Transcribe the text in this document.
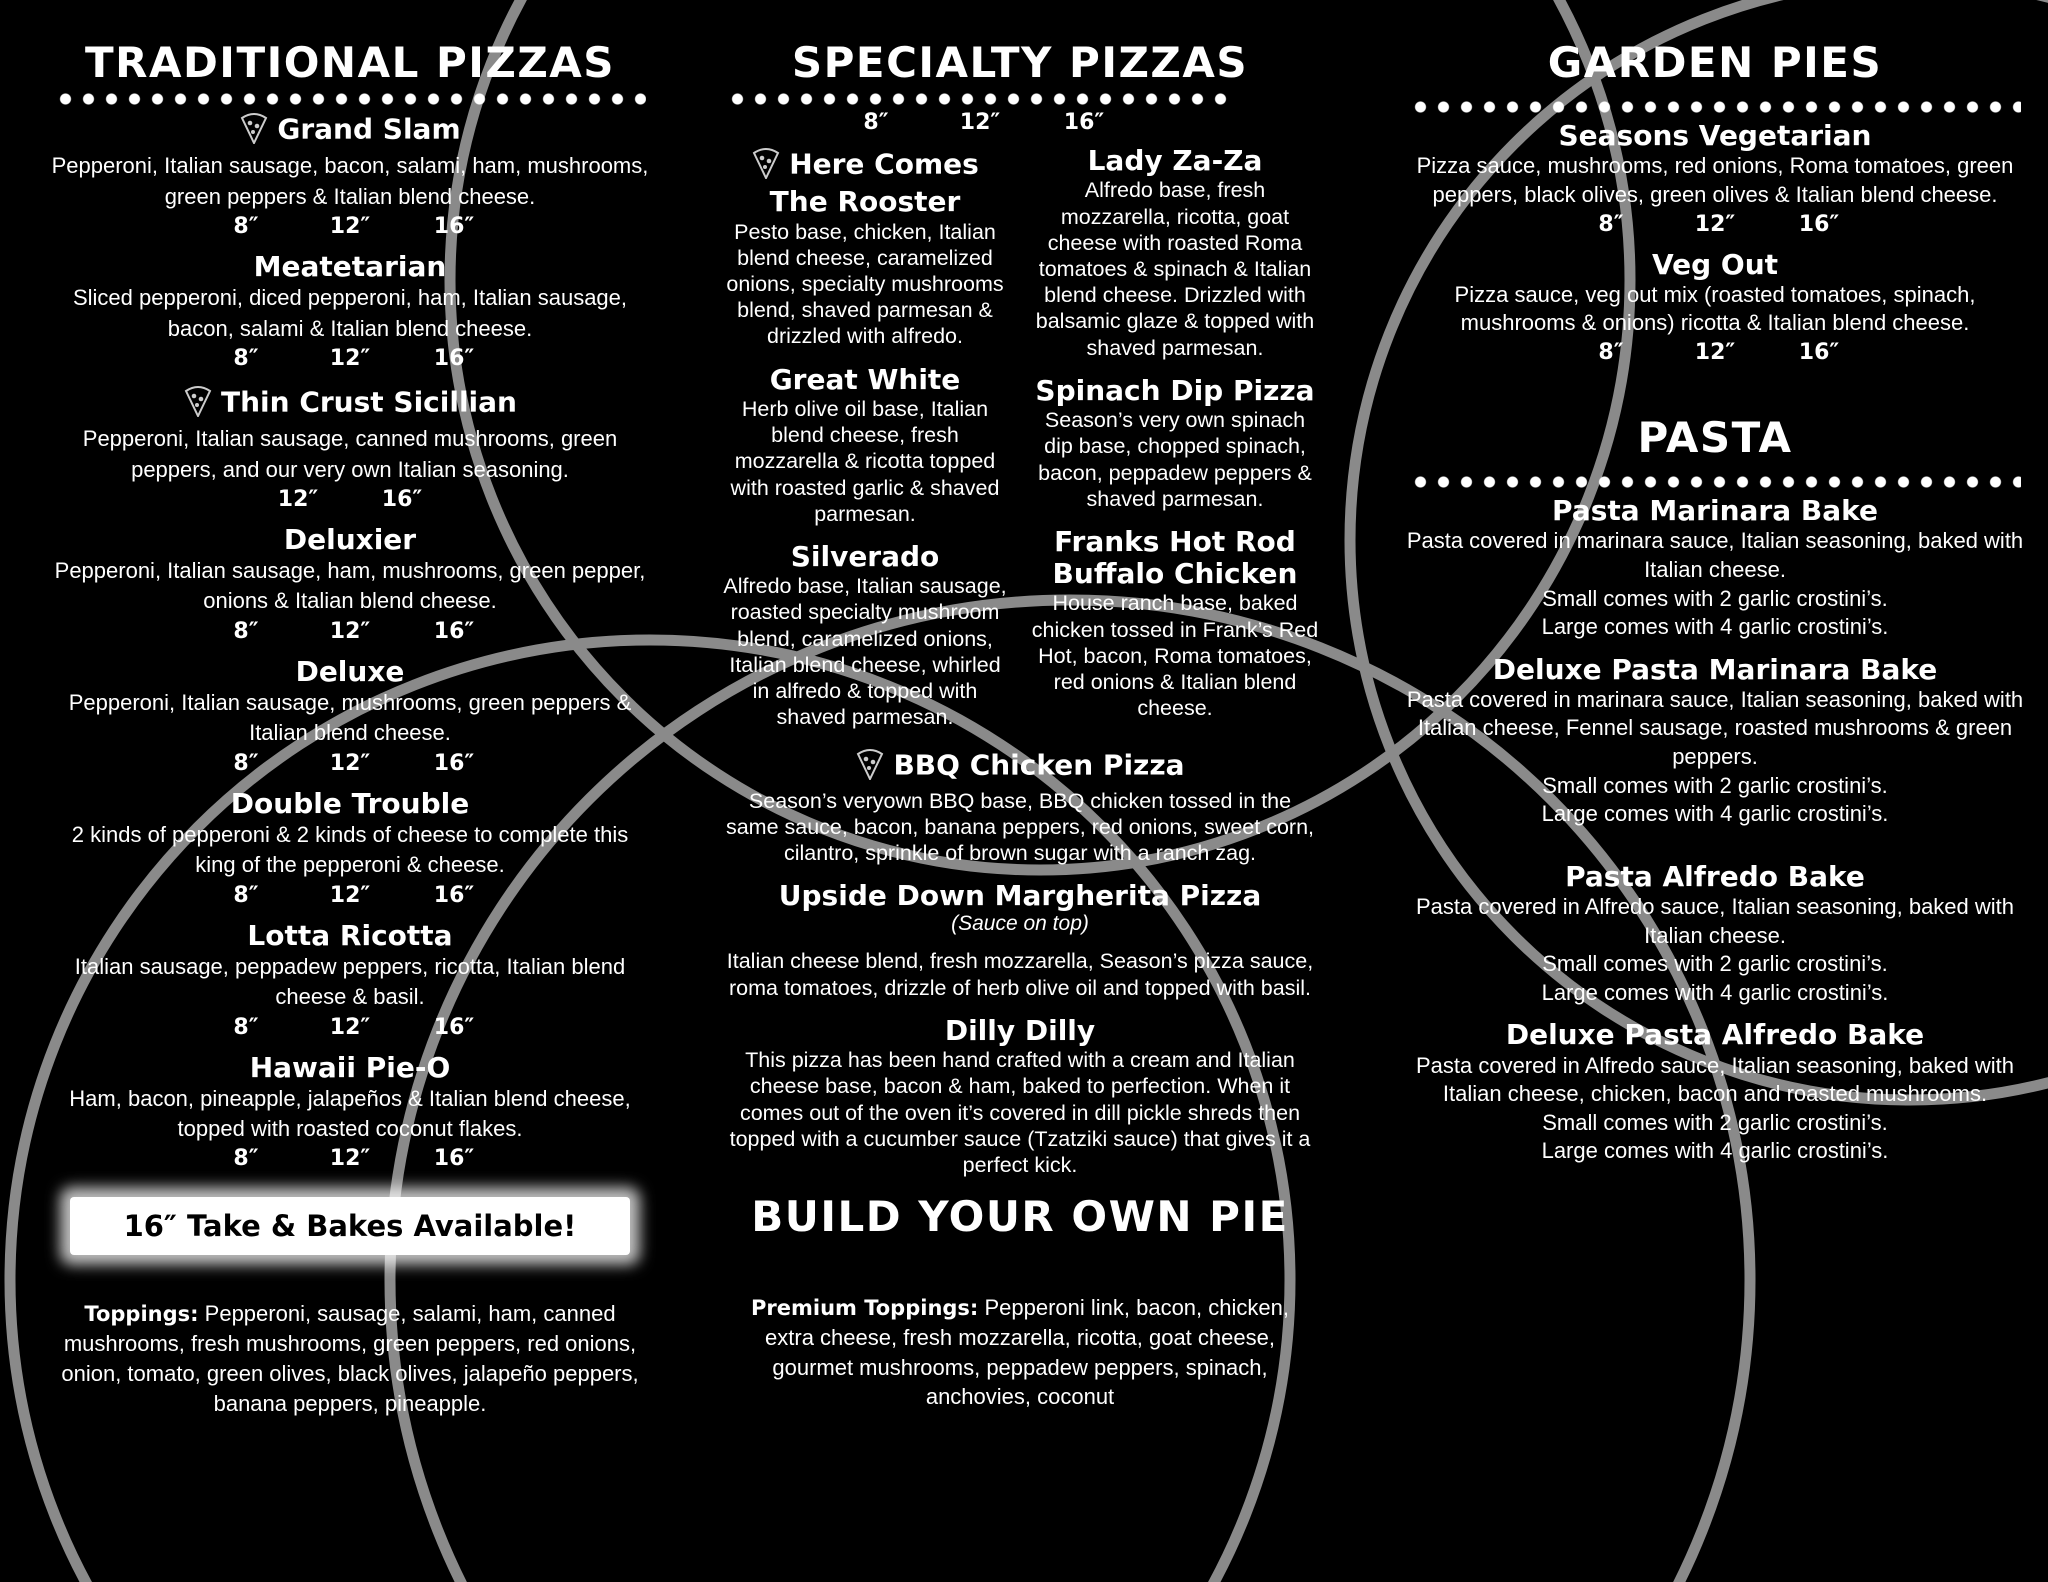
TRADITIONAL PIZZAS
Grand Slam
Pepperoni, Italian sausage, bacon, salami, ham, mushrooms, green peppers & Italian blend cheese.
8″	12″	16″
Meatetarian
Sliced pepperoni, diced pepperoni, ham, Italian sausage, bacon, salami & Italian blend cheese.
8″	12″	16″
Thin Crust Sicillian
Pepperoni, Italian sausage, canned mushrooms, green peppers, and our very own Italian seasoning.
12″	16″
Deluxier
Pepperoni, Italian sausage, ham, mushrooms, green pepper, onions & Italian blend cheese.
8″	12″	16″
Deluxe
Pepperoni, Italian sausage, mushrooms, green peppers & Italian blend cheese.
8″	12″	16″
Double Trouble
2 kinds of pepperoni & 2 kinds of cheese to complete this king of the pepperoni & cheese.
8″	12″	16″
Lotta Ricotta
Italian sausage, peppadew peppers, ricotta, Italian blend cheese & basil.
8″	12″	16″
Hawaii Pie-O
Ham, bacon, pineapple, jalapeños & Italian blend cheese, topped with roasted coconut flakes.
8″	12″	16″
16″ Take & Bakes Available!
Toppings: Pepperoni, sausage, salami, ham, canned mushrooms, fresh mushrooms, green peppers, red onions, onion, tomato, green olives, black olives, jalapeño peppers, banana peppers, pineapple.
SPECIALTY PIZZAS
8″	12″	16″
Here Comes The Rooster
Pesto base, chicken, Italian blend cheese, caramelized onions, specialty mushrooms blend, shaved parmesan & drizzled with alfredo.
Great White
Herb olive oil base, Italian blend cheese, fresh mozzarella & ricotta topped with roasted garlic & shaved parmesan.
Silverado
Alfredo base, Italian sausage, roasted specialty mushroom blend, caramelized onions, Italian blend cheese, whirled in alfredo & topped with shaved parmesan.
Lady Za-Za
Alfredo base, fresh mozzarella, ricotta, goat cheese with roasted Roma tomatoes & spinach & Italian blend cheese. Drizzled with balsamic glaze & topped with shaved parmesan.
Spinach Dip Pizza
Season’s very own spinach dip base, chopped spinach, bacon, peppadew peppers & shaved parmesan.
Franks Hot Rod Buffalo Chicken
House ranch base, baked chicken tossed in Frank’s Red Hot, bacon, Roma tomatoes, red onions & Italian blend cheese.
BBQ Chicken Pizza
Season’s veryown BBQ base, BBQ chicken tossed in the same sauce, bacon, banana peppers, red onions, sweet corn, cilantro, sprinkle of brown sugar with a ranch zag.
Upside Down Margherita Pizza
(Sauce on top)
Italian cheese blend, fresh mozzarella, Season’s pizza sauce, roma tomatoes, drizzle of herb olive oil and topped with basil.
Dilly Dilly
This pizza has been hand crafted with a cream and Italian cheese base, bacon & ham, baked to perfection. When it comes out of the oven it’s covered in dill pickle shreds then topped with a cucumber sauce (Tzatziki sauce) that gives it a perfect kick.
BUILD YOUR OWN PIE
Premium Toppings: Pepperoni link, bacon, chicken, extra cheese, fresh mozzarella, ricotta, goat cheese, gourmet mushrooms, peppadew peppers, spinach, anchovies, coconut
GARDEN PIES
Seasons Vegetarian
Pizza sauce, mushrooms, red onions, Roma tomatoes, green peppers, black olives, green olives & Italian blend cheese.
8″	12″	16″
Veg Out
Pizza sauce, veg out mix (roasted tomatoes, spinach, mushrooms & onions) ricotta & Italian blend cheese.
8″	12″	16″
PASTA
Pasta Marinara Bake
Pasta covered in marinara sauce, Italian seasoning, baked with Italian cheese.
Small comes with 2 garlic crostini’s.
Large comes with 4 garlic crostini’s.
Deluxe Pasta Marinara Bake
Pasta covered in marinara sauce, Italian seasoning, baked with Italian cheese, Fennel sausage, roasted mushrooms & green peppers.
Small comes with 2 garlic crostini’s.
Large comes with 4 garlic crostini’s.
Pasta Alfredo Bake
Pasta covered in Alfredo sauce, Italian seasoning, baked with Italian cheese.
Small comes with 2 garlic crostini’s.
Large comes with 4 garlic crostini’s.
Deluxe Pasta Alfredo Bake
Pasta covered in Alfredo sauce, Italian seasoning, baked with Italian cheese, chicken, bacon and roasted mushrooms.
Small comes with 2 garlic crostini’s.
Large comes with 4 garlic crostini’s.
